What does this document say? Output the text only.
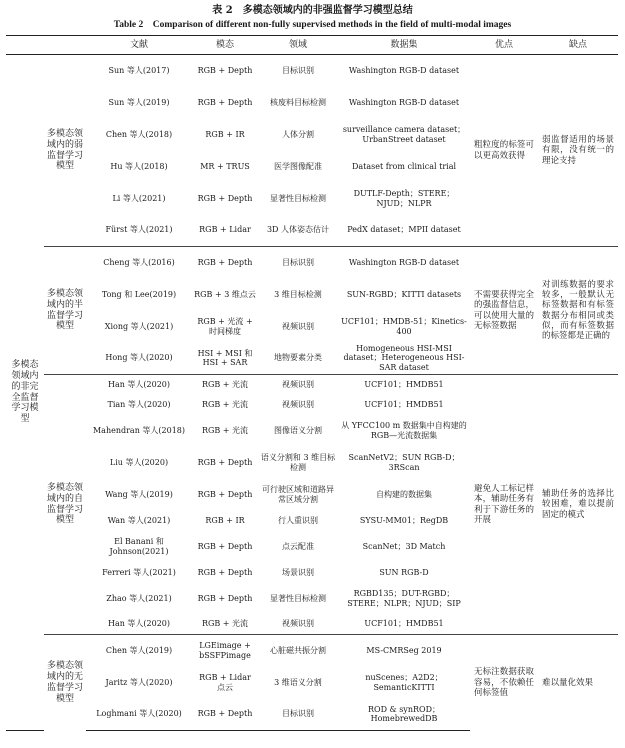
表 2　多模态领域内的非强监督学习模型总结
Table 2　Comparison of different non-fully supervised methods in the field of multi-modal images
		文献	模态	领域	数据集	优点	缺点
多模态领域内的非完全监督学习模型	多模态领域内的弱监督学习模型	Sun 等人(2017)	RGB + Depth	目标识别	Washington RGB-D dataset	粗粒度的标签可以更高效获得	弱监督适用的场景有限，没有统一的理论支持
		Sun 等人(2019)	RGB + Depth	核废料目标检测	Washington RGB-D dataset		
		Chen 等人(2018)	RGB + IR	人体分割	surveillance camera dataset；UrbanStreet dataset		
		Hu 等人(2018)	MR + TRUS	医学图像配准	Dataset from clinical trial		
		Li 等人(2021)	RGB + Depth	显著性目标检测	DUTLF-Depth；STERE；NJUD；NLPR		
		Fürst 等人(2021)	RGB + Lidar	3D 人体姿态估计	PedX dataset；MPII dataset		
	多模态领域内的半监督学习模型	Cheng 等人(2016)	RGB + Depth	目标识别	Washington RGB-D dataset	不需要获得完全的强监督信息，可以使用大量的无标签数据	对训练数据的要求较多，一般默认无标签数据和有标签数据分布相同或类似，而有标签数据的标签都是正确的
		Tong 和 Lee(2019)	RGB + 3 维点云	3 维目标检测	SUN-RGBD；KITTI datasets		
		Xiong 等人(2021)	RGB + 光流 + 时间梯度	视频识别	UCF101；HMDB-51；Kinetics-400		
		Hong 等人(2020)	HSI + MSI 和 HSI + SAR	地物要素分类	Homogeneous HSI-MSI dataset；Heterogeneous HSI-SAR dataset		
	多模态领域内的自监督学习模型	Han 等人(2020)	RGB + 光流	视频识别	UCF101；HMDB51	避免人工标记样本，辅助任务有利于下游任务的开展	辅助任务的选择比较困难，难以提前固定的模式
		Tian 等人(2020)	RGB + 光流	视频识别	UCF101；HMDB51		
		Mahendran 等人(2018)	RGB + 光流	图像语义分割	从 YFCC100 m 数据集中自构建的 RGB—光流数据集		
		Liu 等人(2020)	RGB + Depth	语义分割和 3 维目标检测	ScanNetV2；SUN RGB-D；3RScan		
		Wang 等人(2019)	RGB + Depth	可行驶区域和道路异常区域分割	自构建的数据集		
		Wan 等人(2021)	RGB + IR	行人重识别	SYSU-MM01；RegDB		
		El Banani 和 Johnson(2021)	RGB + Depth	点云配准	ScanNet；3D Match		
		Ferreri 等人(2021)	RGB + Depth	场景识别	SUN RGB-D		
		Zhao 等人(2021)	RGB + Depth	显著性目标检测	RGBD135；DUT-RGBD；STERE；NLPR；NJUD；SIP		
		Han 等人(2020)	RGB + 光流	视频识别	UCF101；HMDB51		
	多模态领域内的无监督学习模型	Chen 等人(2019)	LGEimage + bSSFPimage	心脏磁共振分割	MS-CMRSeg 2019	无标注数据获取容易，不依赖任何标签值	难以量化效果
		Jaritz 等人(2020)	RGB + Lidar 点云	3 维语义分割	nuScenes；A2D2；SemanticKITTI		
		Loghmani 等人(2020)	RGB + Depth	目标识别	ROD & synROD；HomebrewedDB		
